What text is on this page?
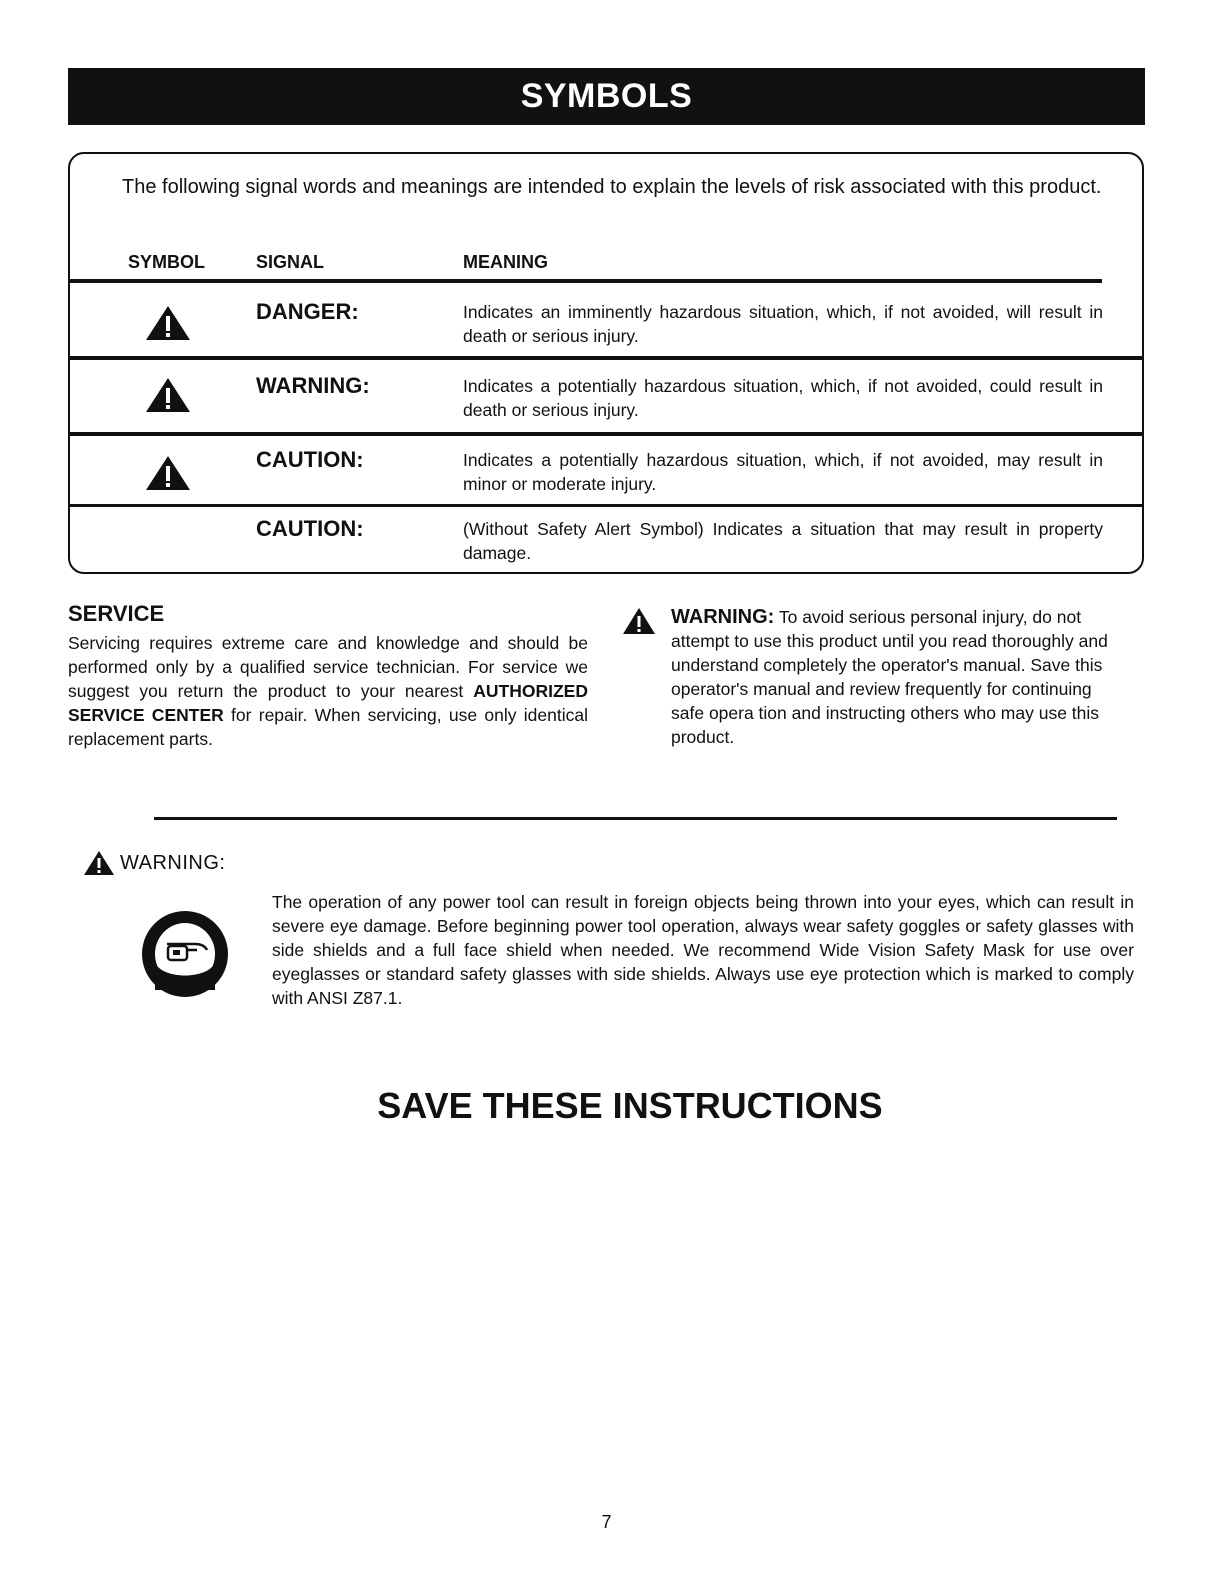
SYMBOLS
The following signal words and meanings are intended to explain the levels of risk associated with this product.
SYMBOL	SIGNAL	MEANING
DANGER:	Indicates an imminently hazardous situation, which, if not avoided, will result in death or serious injury.
WARNING:	Indicates a potentially hazardous situation, which, if not avoided, could result in death or serious injury.
CAUTION:	Indicates a potentially hazardous situation, which, if not avoided, may result in minor or moderate injury.
CAUTION:	(Without Safety Alert Symbol) Indicates a situation that may result in property damage.
SERVICE
Servicing requires extreme care and knowledge and should be performed only by a qualified service technician. For service we suggest you return the product to your nearest AUTHORIZED SERVICE CENTER for repair. When servicing, use only identical replacement parts.
WARNING: To avoid serious personal injury, do not attempt to use this product until you read thoroughly and understand completely the operator's manual. Save this operator's manual and review frequently for continuing safe opera tion and instructing others who may use this product.
WARNING:
The operation of any power tool can result in foreign objects being thrown into your eyes, which can result in severe eye damage. Before beginning power tool operation, always wear safety goggles or safety glasses with side shields and a full face shield when needed. We recommend Wide Vision Safety Mask for use over eyeglasses or standard safety glasses with side shields. Always use eye protection which is marked to comply with ANSI Z87.1.
SAVE THESE INSTRUCTIONS
7
